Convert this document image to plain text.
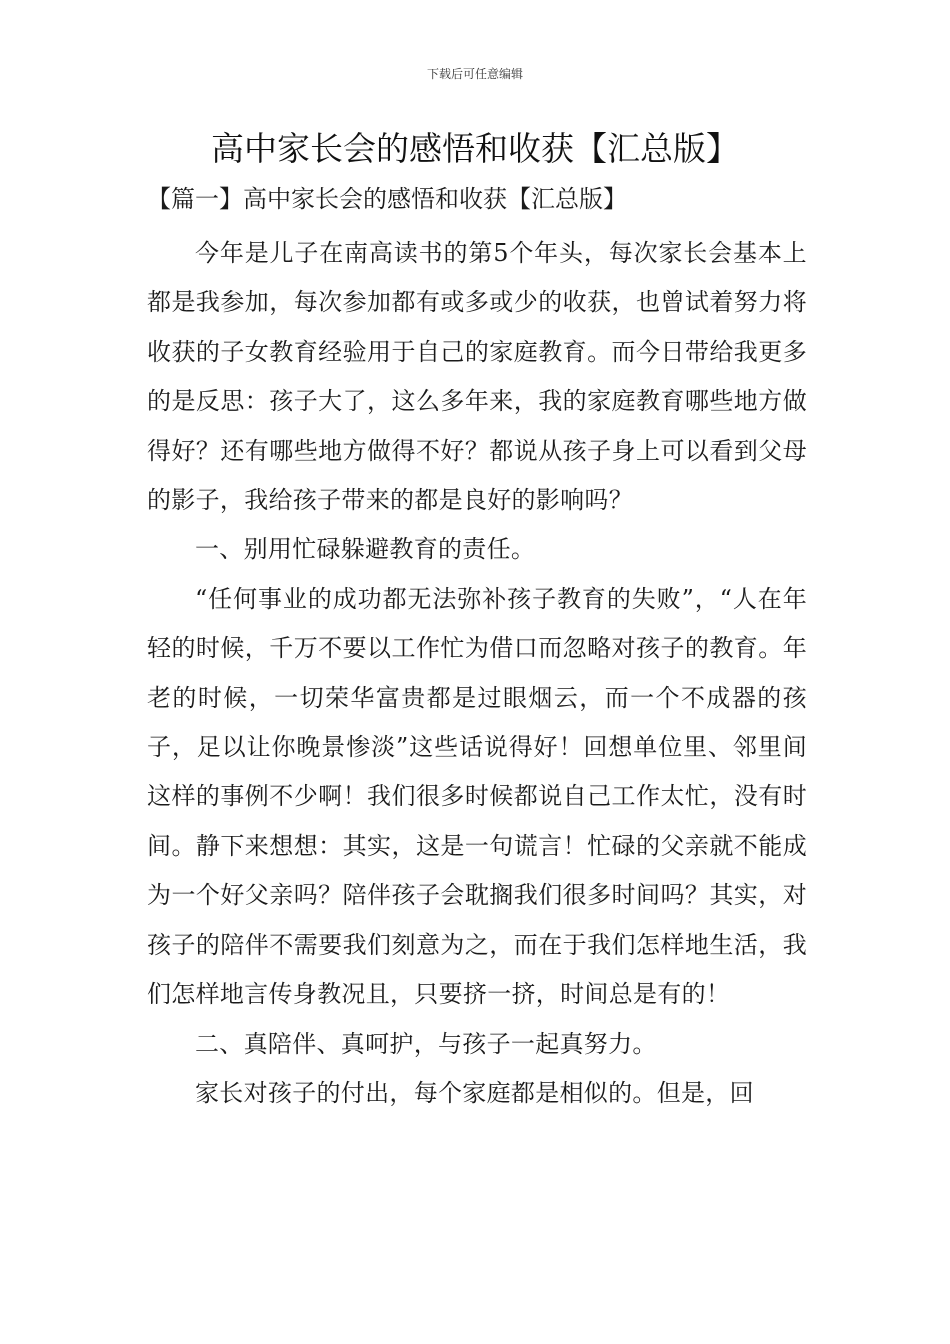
下载后可任意编辑
高中家长会的感悟和收获【汇总版】
【篇一】高中家长会的感悟和收获【汇总版】

今年是儿子在南高读书的第5个年头，每次家长会基本上都是我参加，每次参加都有或多或少的收获，也曾试着努力将收获的子女教育经验用于自己的家庭教育。而今日带给我更多的是反思：孩子大了，这么多年来，我的家庭教育哪些地方做得好？还有哪些地方做得不好？都说从孩子身上可以看到父母的影子，我给孩子带来的都是良好的影响吗？

一、别用忙碌躲避教育的责任。

“任何事业的成功都无法弥补孩子教育的失败”，“人在年轻的时候，千万不要以工作忙为借口而忽略对孩子的教育。年老的时候，一切荣华富贵都是过眼烟云，而一个不成器的孩子，足以让你晚景惨淡”这些话说得好！回想单位里、邻里间这样的事例不少啊！我们很多时候都说自己工作太忙，没有时间。静下来想想：其实，这是一句谎言！忙碌的父亲就不能成为一个好父亲吗？陪伴孩子会耽搁我们很多时间吗？其实，对孩子的陪伴不需要我们刻意为之，而在于我们怎样地生活，我们怎样地言传身教况且，只要挤一挤，时间总是有的！

二、真陪伴、真呵护，与孩子一起真努力。

家长对孩子的付出，每个家庭都是相似的。但是，回
